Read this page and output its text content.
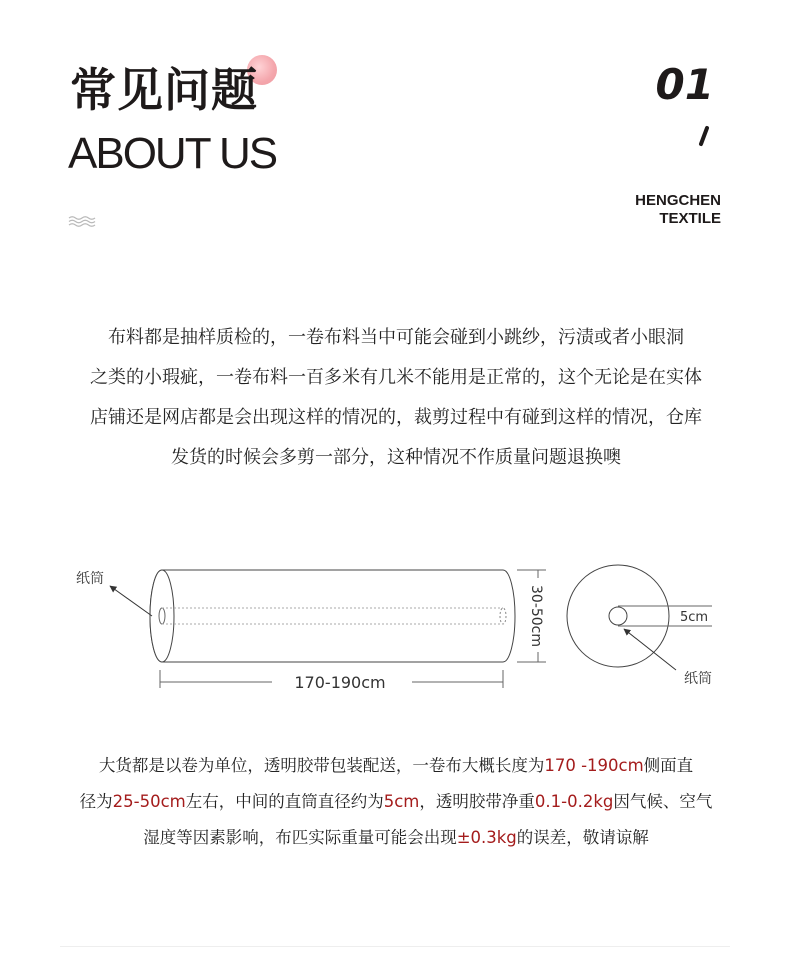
常见问题
ABOUT US
01
HENGCHEN
TEXTILE
布料都是抽样质检的，一卷布料当中可能会碰到小跳纱，污渍或者小眼洞
之类的小瑕疵，一卷布料一百多米有几米不能用是正常的，这个无论是在实体
店铺还是网店都是会出现这样的情况的，裁剪过程中有碰到这样的情况，仓库
发货的时候会多剪一部分，这种情况不作质量问题退换噢
纸筒
170-190cm
30-50cm	5cm
纸筒
大货都是以卷为单位，透明胶带包装配送，一卷布大概长度为170 -190cm侧面直
径为25-50cm左右，中间的直筒直径约为5cm，透明胶带净重0.1-0.2kg因气候、空气
湿度等因素影响，布匹实际重量可能会出现±0.3kg的误差，敬请谅解
